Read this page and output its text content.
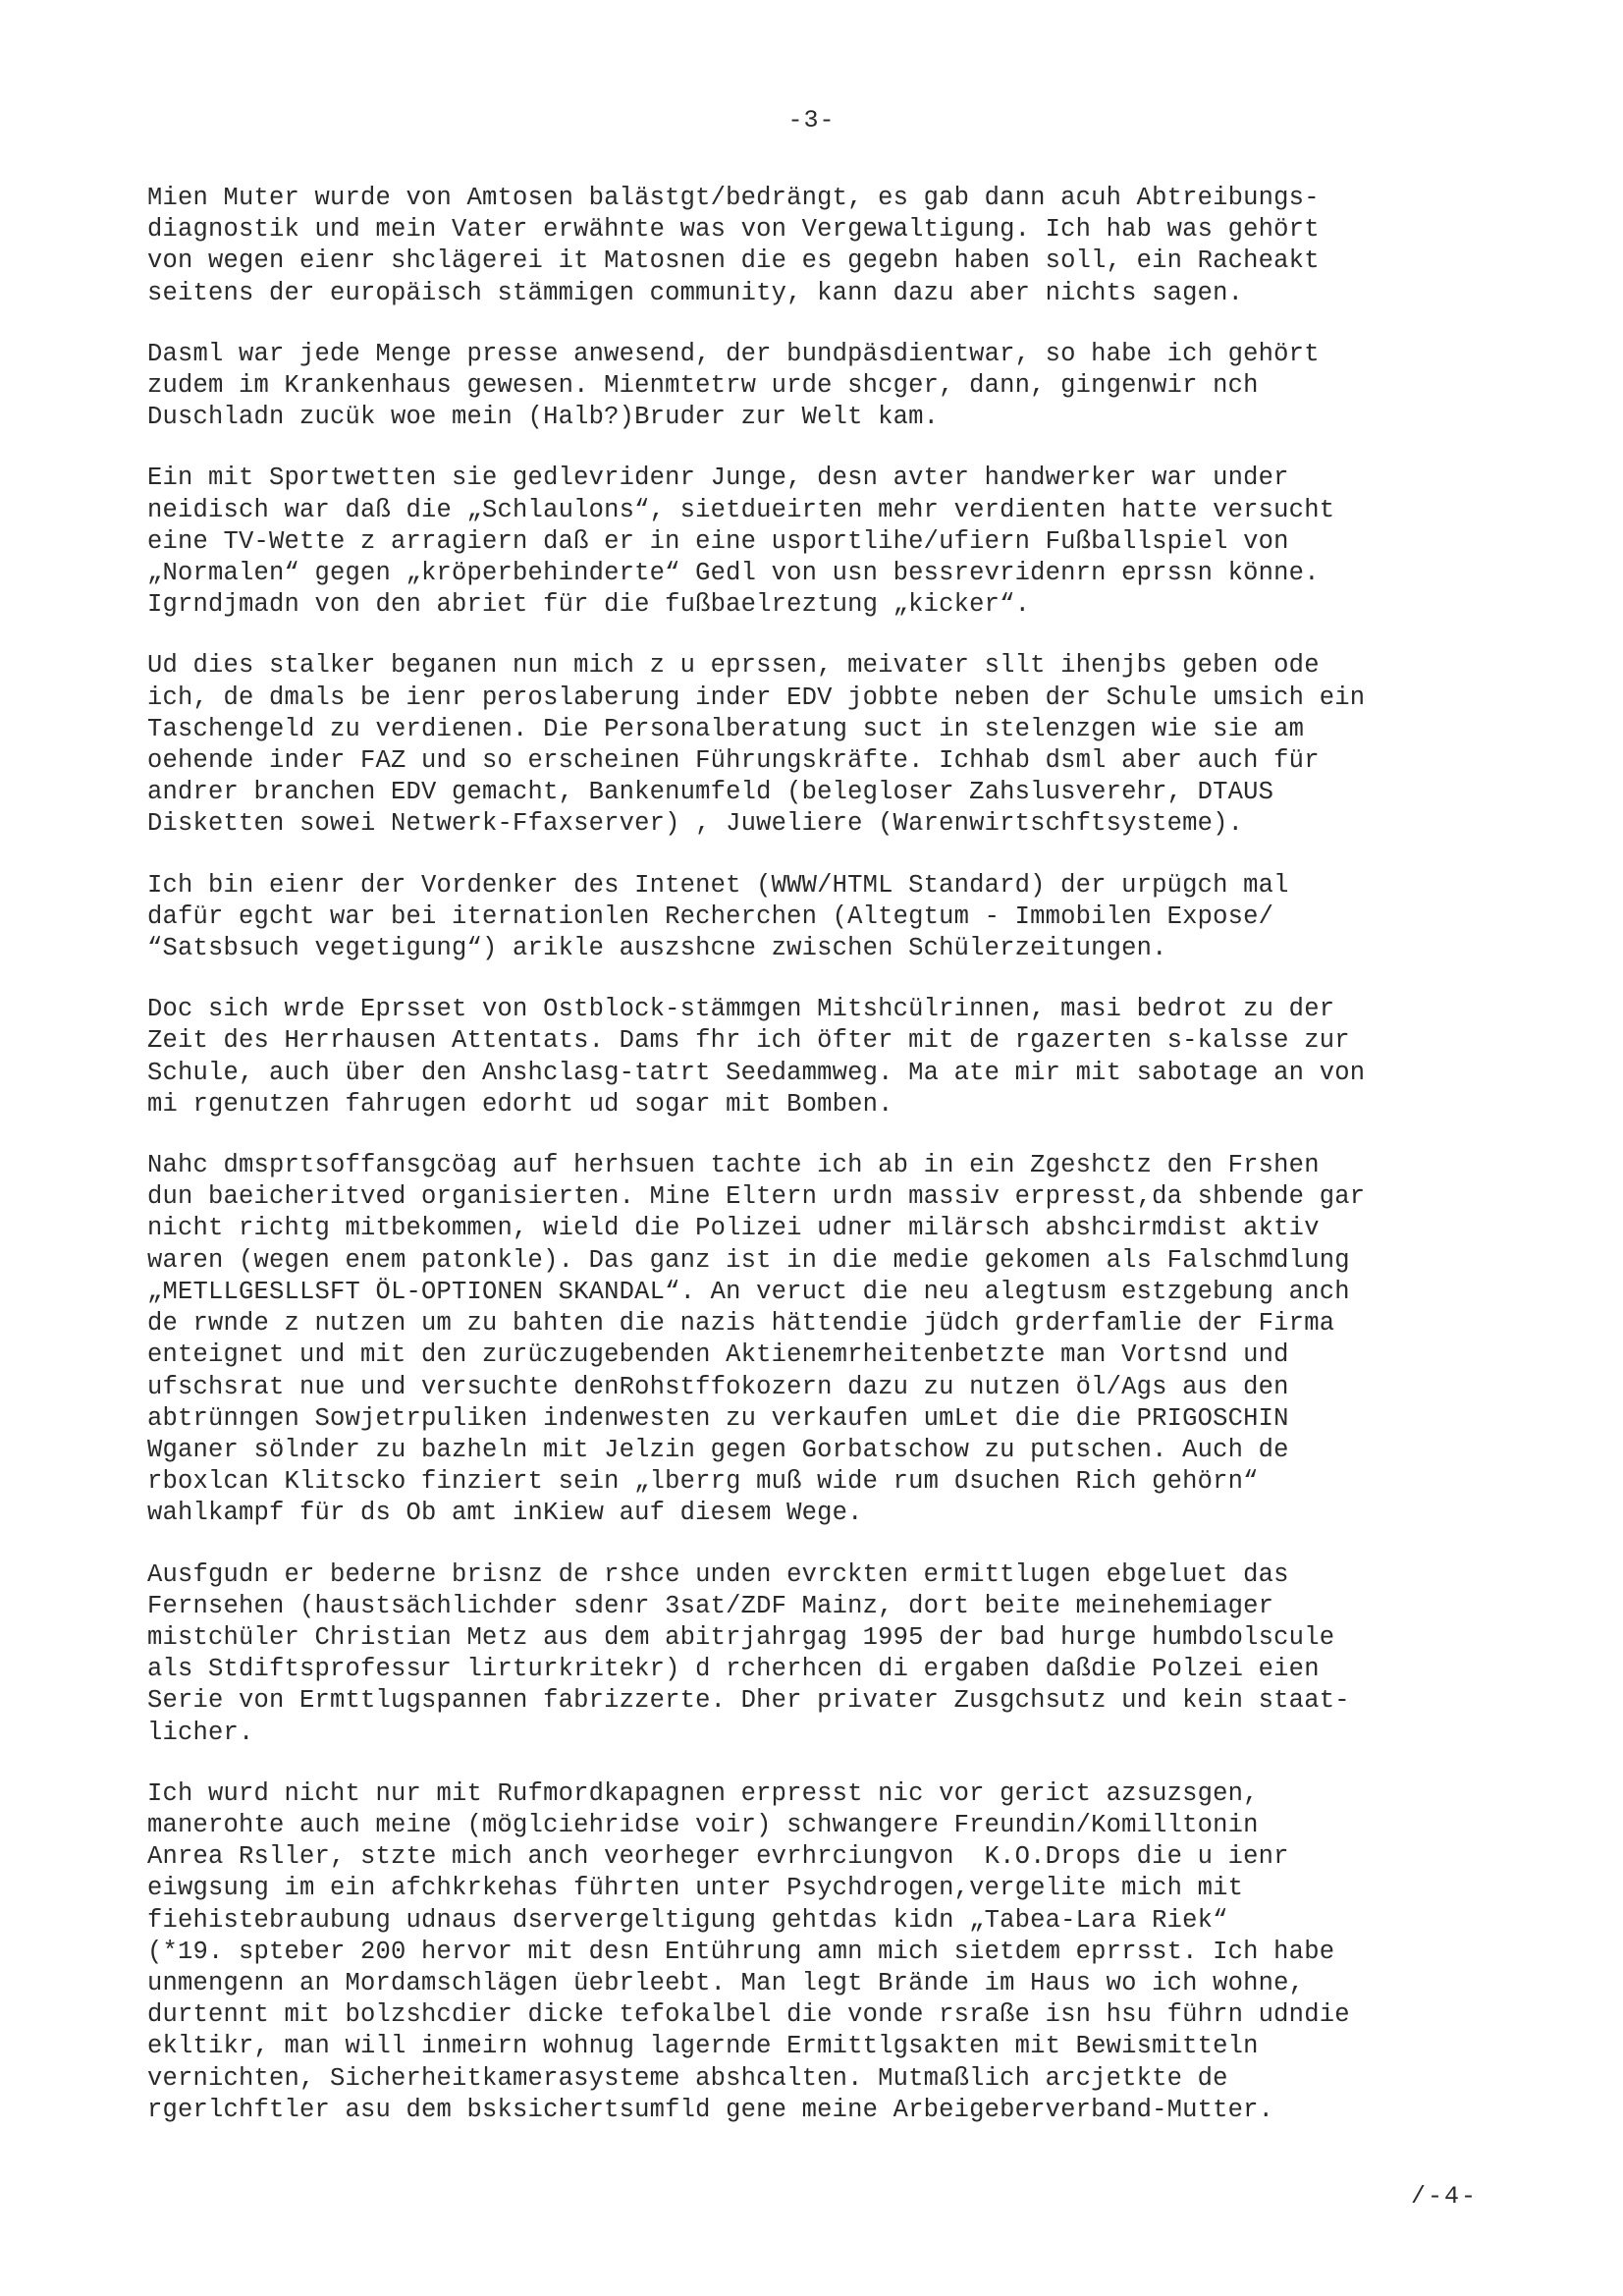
-3-
Mien Muter wurde von Amtosen balästgt/bedrängt, es gab dann acuh Abtreibungs-
diagnostik und mein Vater erwähnte was von Vergewaltigung. Ich hab was gehört
von wegen eienr shclägerei it Matosnen die es gegebn haben soll, ein Racheakt
seitens der europäisch stämmigen community, kann dazu aber nichts sagen.
Dasml war jede Menge presse anwesend, der bundpäsdientwar, so habe ich gehört
zudem im Krankenhaus gewesen. Mienmtetrw urde shcger, dann, gingenwir nch
Duschladn zucük woe mein (Halb?)Bruder zur Welt kam.
Ein mit Sportwetten sie gedlevridenr Junge, desn avter handwerker war under
neidisch war daß die „Schlaulons“, sietdueirten mehr verdienten hatte versucht
eine TV-Wette z arragiern daß er in eine usportlihe/ufiern Fußballspiel von
„Normalen“ gegen „kröperbehinderte“ Gedl von usn bessrevridenrn eprssn könne.
Igrndjmadn von den abriet für die fußbaelreztung „kicker“.
Ud dies stalker beganen nun mich z u eprssen, meivater sllt ihenjbs geben ode
ich, de dmals be ienr peroslaberung inder EDV jobbte neben der Schule umsich ein
Taschengeld zu verdienen. Die Personalberatung suct in stelenzgen wie sie am
oehende inder FAZ und so erscheinen Führungskräfte. Ichhab dsml aber auch für
andrer branchen EDV gemacht, Bankenumfeld (belegloser Zahslusverehr, DTAUS
Disketten sowei Netwerk-Ffaxserver) , Juweliere (Warenwirtschftsysteme).
Ich bin eienr der Vordenker des Intenet (WWW/HTML Standard) der urpügch mal
dafür egcht war bei iternationlen Recherchen (Altegtum - Immobilen Expose/
“Satsbsuch vegetigung“) arikle auszshcne zwischen Schülerzeitungen.
Doc sich wrde Eprsset von Ostblock-stämmgen Mitshcülrinnen, masi bedrot zu der
Zeit des Herrhausen Attentats. Dams fhr ich öfter mit de rgazerten s-kalsse zur
Schule, auch über den Anshclasg-tatrt Seedammweg. Ma ate mir mit sabotage an von
mi rgenutzen fahrugen edorht ud sogar mit Bomben.
Nahc dmsprtsoffansgcöag auf herhsuen tachte ich ab in ein Zgeshctz den Frshen
dun baeicheritved organisierten. Mine Eltern urdn massiv erpresst,da shbende gar
nicht richtg mitbekommen, wield die Polizei udner milärsch abshcirmdist aktiv
waren (wegen enem patonkle). Das ganz ist in die medie gekomen als Falschmdlung
„METLLGESLLSFT ÖL-OPTIONEN SKANDAL“. An veruct die neu alegtusm estzgebung anch
de rwnde z nutzen um zu bahten die nazis hättendie jüdch grderfamlie der Firma
enteignet und mit den zurüczugebenden Aktienemrheitenbetzte man Vortsnd und
ufschsrat nue und versuchte denRohstffokozern dazu zu nutzen öl/Ags aus den
abtrünngen Sowjetrpuliken indenwesten zu verkaufen umLet die die PRIGOSCHIN
Wganer sölnder zu bazheln mit Jelzin gegen Gorbatschow zu putschen. Auch de
rboxlcan Klitscko finziert sein „lberrg muß wide rum dsuchen Rich gehörn“
wahlkampf für ds Ob amt inKiew auf diesem Wege.
Ausfgudn er bederne brisnz de rshce unden evrckten ermittlugen ebgeluet das
Fernsehen (haustsächlichder sdenr 3sat/ZDF Mainz, dort beite meinehemiager
mistchüler Christian Metz aus dem abitrjahrgag 1995 der bad hurge humbdolscule
als Stdiftsprofessur lirturkritekr) d rcherhcen di ergaben daßdie Polzei eien
Serie von Ermttlugspannen fabrizzerte. Dher privater Zusgchsutz und kein staat-
licher.
Ich wurd nicht nur mit Rufmordkapagnen erpresst nic vor gerict azsuzsgen,
manerohte auch meine (möglciehridse voir) schwangere Freundin/Komilltonin
Anrea Rsller, stzte mich anch veorheger evrhrciungvon  K.O.Drops die u ienr
eiwgsung im ein afchkrkehas führten unter Psychdrogen,vergelite mich mit
fiehistebraubung udnaus dservergeltigung gehtdas kidn „Tabea-Lara Riek“
(*19. spteber 200 hervor mit desn Entührung amn mich sietdem eprrsst. Ich habe
unmengenn an Mordamschlägen üebrleebt. Man legt Brände im Haus wo ich wohne,
durtennt mit bolzshcdier dicke tefokalbel die vonde rsraße isn hsu führn udndie
ekltikr, man will inmeirn wohnug lagernde Ermittlgsakten mit Bewismitteln
vernichten, Sicherheitkamerasysteme abshcalten. Mutmaßlich arcjetkte de
rgerlchftler asu dem bsksichertsumfld gene meine Arbeigeberverband-Mutter.
/-4-
